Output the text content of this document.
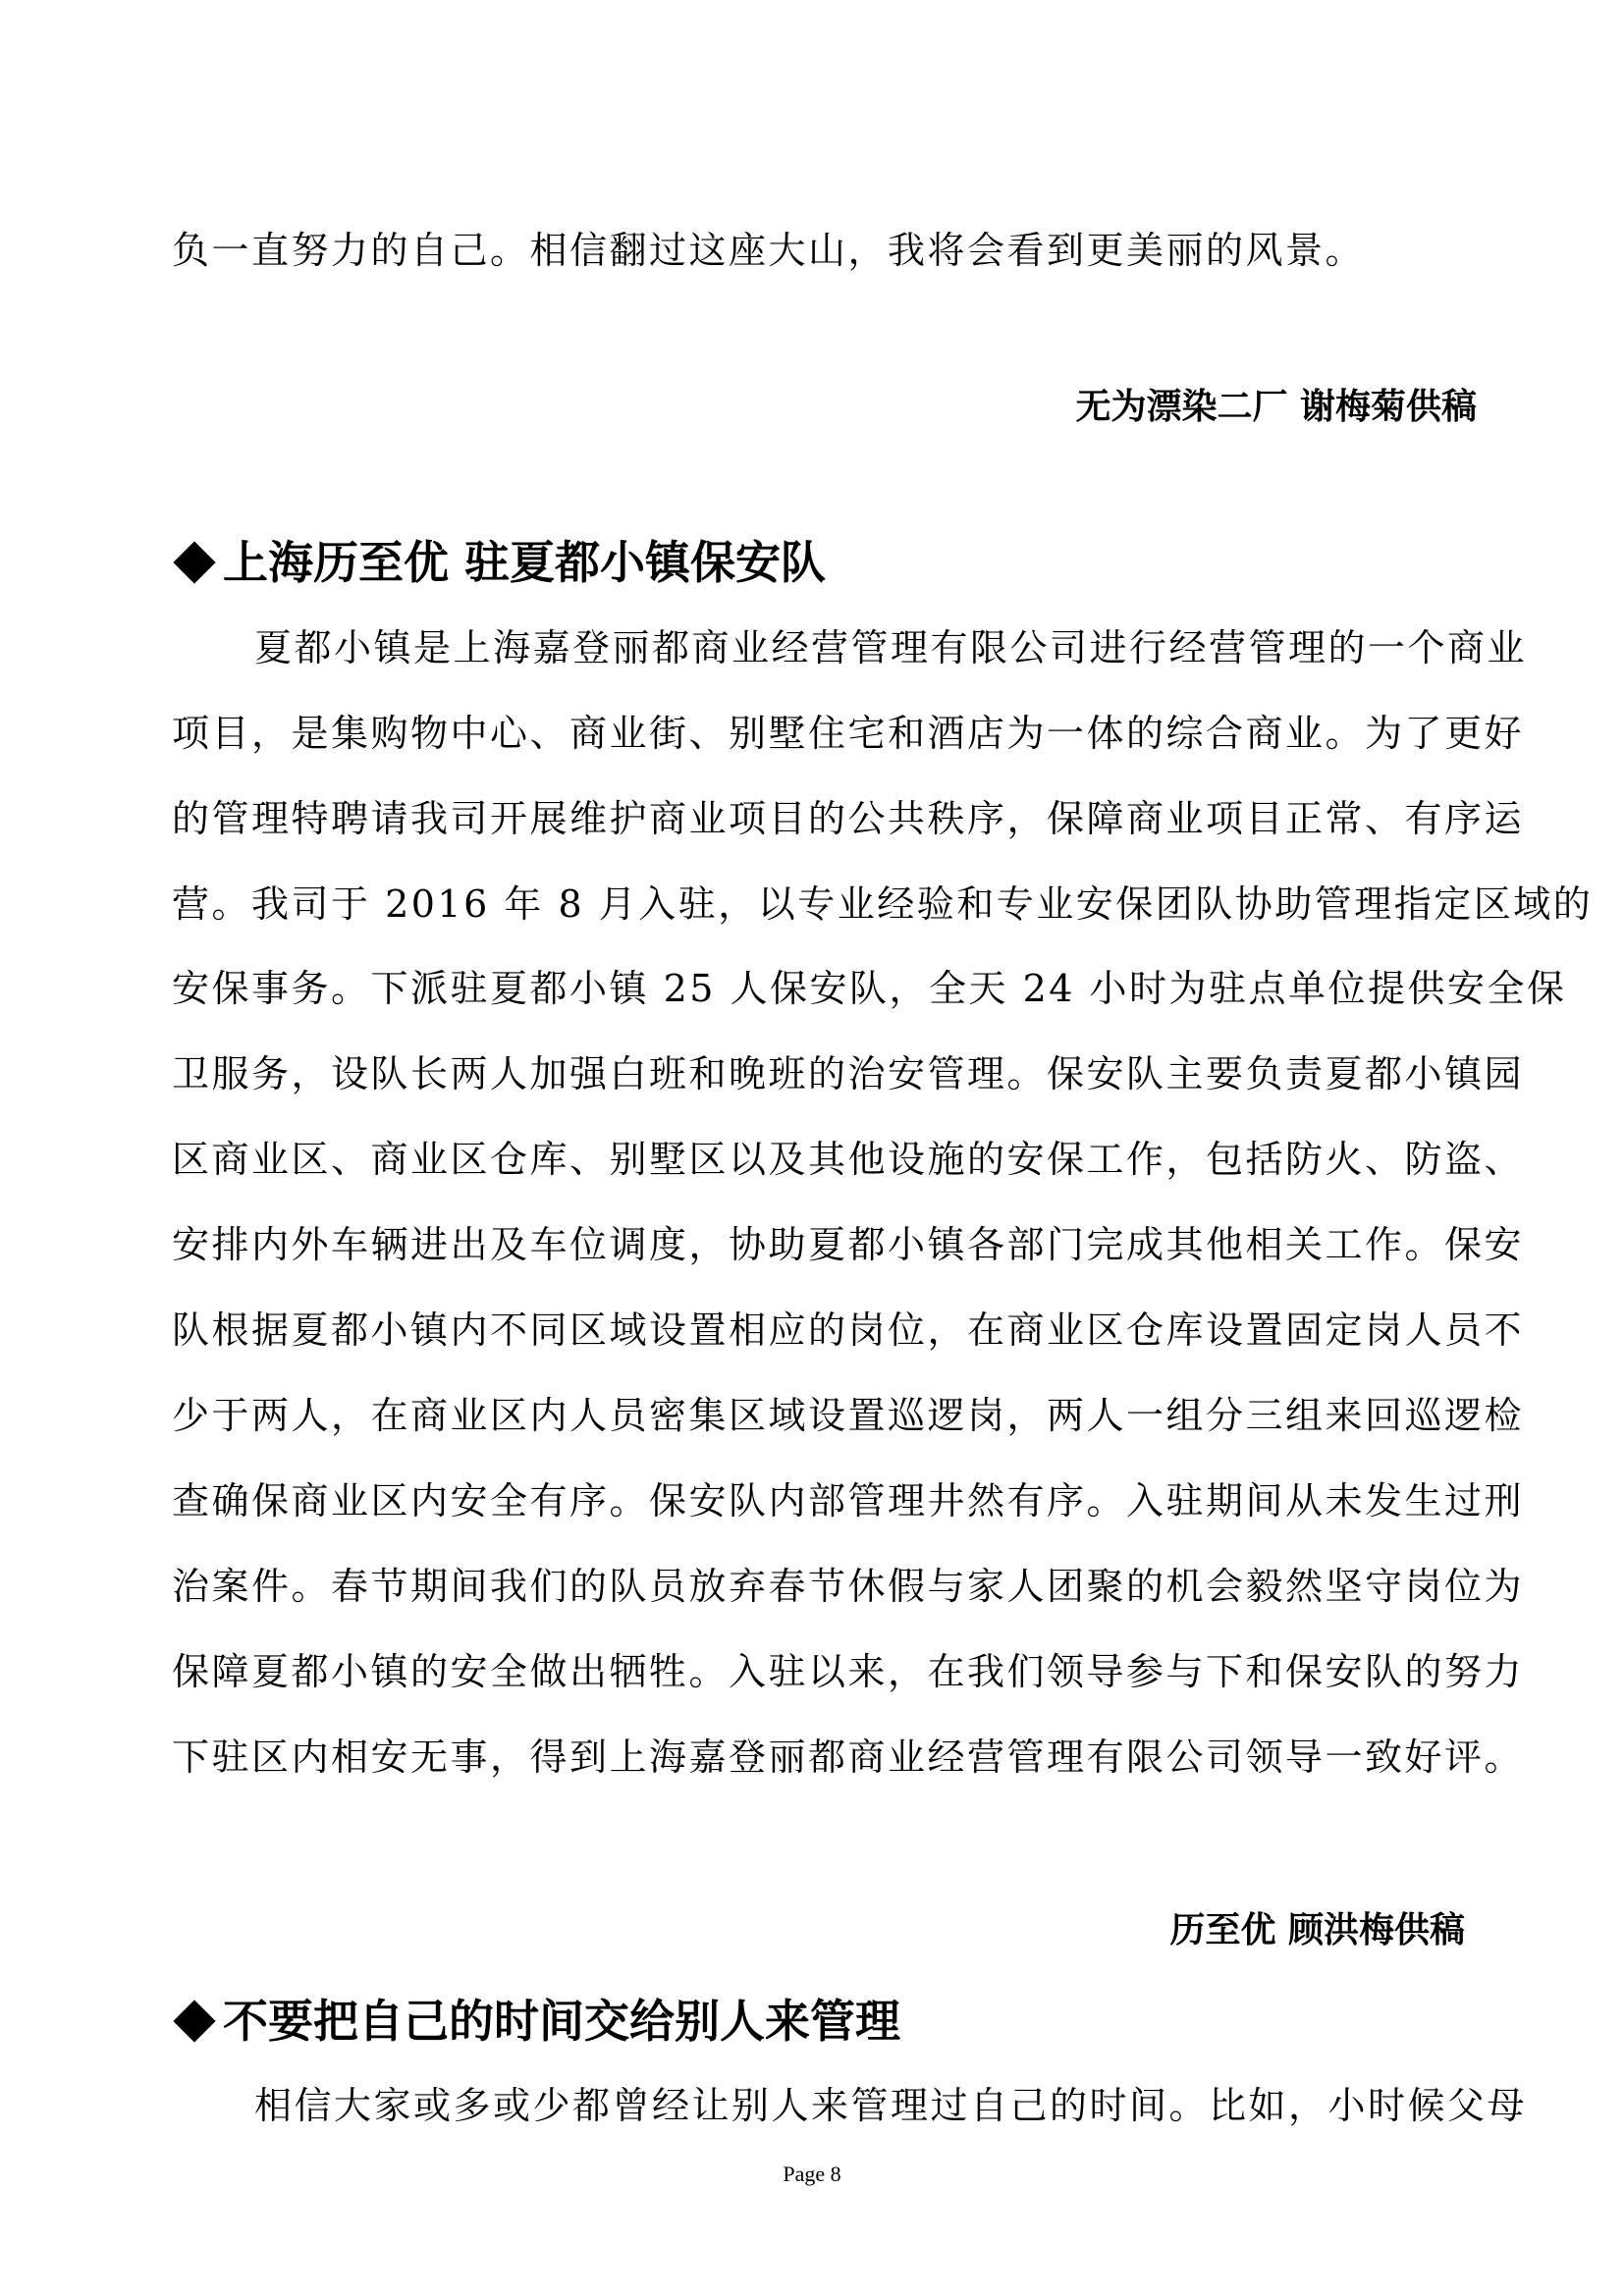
负一直努力的自己。相信翻过这座大山，我将会看到更美丽的风景。
无为漂染二厂 谢梅菊供稿
上海历至优 驻夏都小镇保安队
夏都小镇是上海嘉登丽都商业经营管理有限公司进行经营管理的一个商业
项目，是集购物中心、商业街、别墅住宅和酒店为一体的综合商业。为了更好
的管理特聘请我司开展维护商业项目的公共秩序，保障商业项目正常、有序运
营。我司于 2016 年 8 月入驻，以专业经验和专业安保团队协助管理指定区域的
安保事务。下派驻夏都小镇 25 人保安队，全天 24 小时为驻点单位提供安全保
卫服务，设队长两人加强白班和晚班的治安管理。保安队主要负责夏都小镇园
区商业区、商业区仓库、别墅区以及其他设施的安保工作，包括防火、防盗、
安排内外车辆进出及车位调度，协助夏都小镇各部门完成其他相关工作。保安
队根据夏都小镇内不同区域设置相应的岗位，在商业区仓库设置固定岗人员不
少于两人，在商业区内人员密集区域设置巡逻岗，两人一组分三组来回巡逻检
查确保商业区内安全有序。保安队内部管理井然有序。入驻期间从未发生过刑
治案件。春节期间我们的队员放弃春节休假与家人团聚的机会毅然坚守岗位为
保障夏都小镇的安全做出牺牲。入驻以来，在我们领导参与下和保安队的努力
下驻区内相安无事，得到上海嘉登丽都商业经营管理有限公司领导一致好评。
历至优 顾洪梅供稿
不要把自己的时间交给别人来管理
相信大家或多或少都曾经让别人来管理过自己的时间。比如，小时候父母
Page 8
